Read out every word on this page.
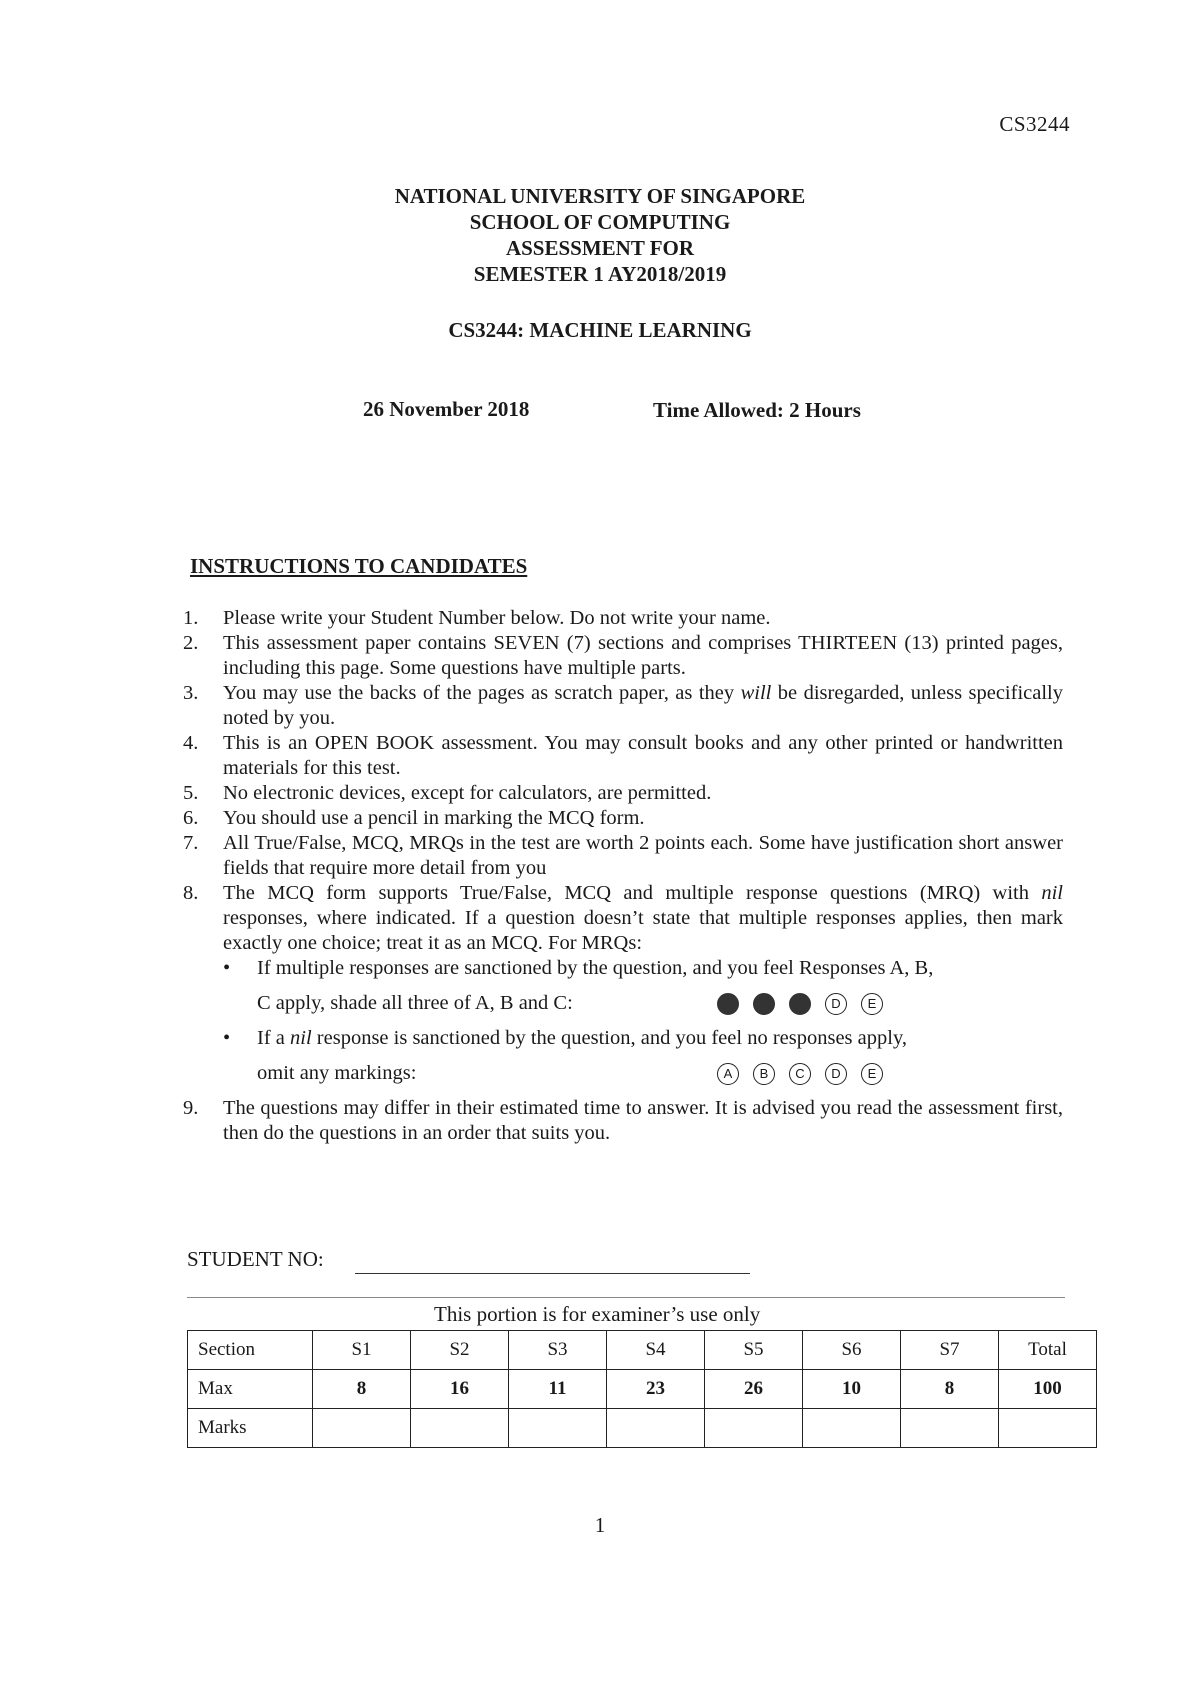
CS3244
NATIONAL UNIVERSITY OF SINGAPORE
SCHOOL OF COMPUTING
ASSESSMENT FOR
SEMESTER 1 AY2018/2019
CS3244: MACHINE LEARNING
26 November 2018	Time Allowed: 2 Hours
INSTRUCTIONS TO CANDIDATES
1. Please write your Student Number below. Do not write your name.
2. This assessment paper contains SEVEN (7) sections and comprises THIRTEEN (13) printed pages, including this page. Some questions have multiple parts.
3. You may use the backs of the pages as scratch paper, as they will be disregarded, unless specifically noted by you.
4. This is an OPEN BOOK assessment. You may consult books and any other printed or handwritten materials for this test.
5. No electronic devices, except for calculators, are permitted.
6. You should use a pencil in marking the MCQ form.
7. All True/False, MCQ, MRQs in the test are worth 2 points each. Some have justification short answer fields that require more detail from you
8. The MCQ form supports True/False, MCQ and multiple response questions (MRQ) with nil responses, where indicated. If a question doesn’t state that multiple responses applies, then mark exactly one choice; treat it as an MCQ. For MRQs:
• If multiple responses are sanctioned by the question, and you feel Responses A, B,
C apply, shade all three of A, B and C:	D	E
• If a nil response is sanctioned by the question, and you feel no responses apply,
omit any markings:	A	B	C	D	E
9. The questions may differ in their estimated time to answer. It is advised you read the assessment first, then do the questions in an order that suits you.
STUDENT NO:
This portion is for examiner’s use only
Section	S1	S2	S3	S4	S5	S6	S7	Total
Max	8	16	11	23	26	10	8	100
Marks								
1
